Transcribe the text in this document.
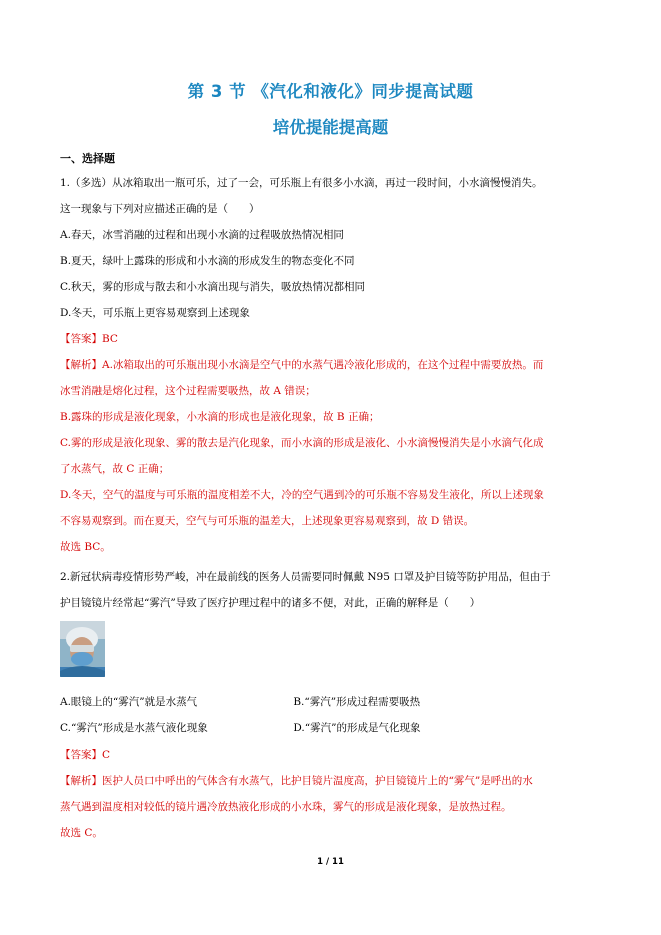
第 3 节 《汽化和液化》同步提高试题
培优提能提高题
一、选择题
1.（多选）从冰箱取出一瓶可乐，过了一会，可乐瓶上有很多小水滴，再过一段时间，小水滴慢慢消失。
这一现象与下列对应描述正确的是（　　）
A.春天，冰雪消融的过程和出现小水滴的过程吸放热情况相同
B.夏天，绿叶上露珠的形成和小水滴的形成发生的物态变化不同
C.秋天，雾的形成与散去和小水滴出现与消失，吸放热情况都相同
D.冬天，可乐瓶上更容易观察到上述现象
【答案】BC
【解析】A.冰箱取出的可乐瓶出现小水滴是空气中的水蒸气遇冷液化形成的，在这个过程中需要放热。而
冰雪消融是熔化过程，这个过程需要吸热，故 A 错误；
B.露珠的形成是液化现象，小水滴的形成也是液化现象，故 B 正确；
C.雾的形成是液化现象、雾的散去是汽化现象，而小水滴的形成是液化、小水滴慢慢消失是小水滴气化成
了水蒸气，故 C 正确；
D.冬天，空气的温度与可乐瓶的温度相差不大，冷的空气遇到冷的可乐瓶不容易发生液化，所以上述现象
不容易观察到。而在夏天，空气与可乐瓶的温差大，上述现象更容易观察到，故 D 错误。
故选 BC。
2.新冠状病毒疫情形势严峻，冲在最前线的医务人员需要同时佩戴 N95 口罩及护目镜等防护用品，但由于
护目镜镜片经常起“雾汽”导致了医疗护理过程中的诸多不便，对此，正确的解释是（　　）
A.眼镜上的“雾汽”就是水蒸气	B.“雾汽”形成过程需要吸热
C.“雾汽”形成是水蒸气液化现象	D.“雾汽”的形成是气化现象
【答案】C
【解析】医护人员口中呼出的气体含有水蒸气，比护目镜片温度高，护目镜镜片上的“雾气”是呼出的水
蒸气遇到温度相对较低的镜片遇冷放热液化形成的小水珠，雾气的形成是液化现象，是放热过程。
故选 C。
1 / 11
